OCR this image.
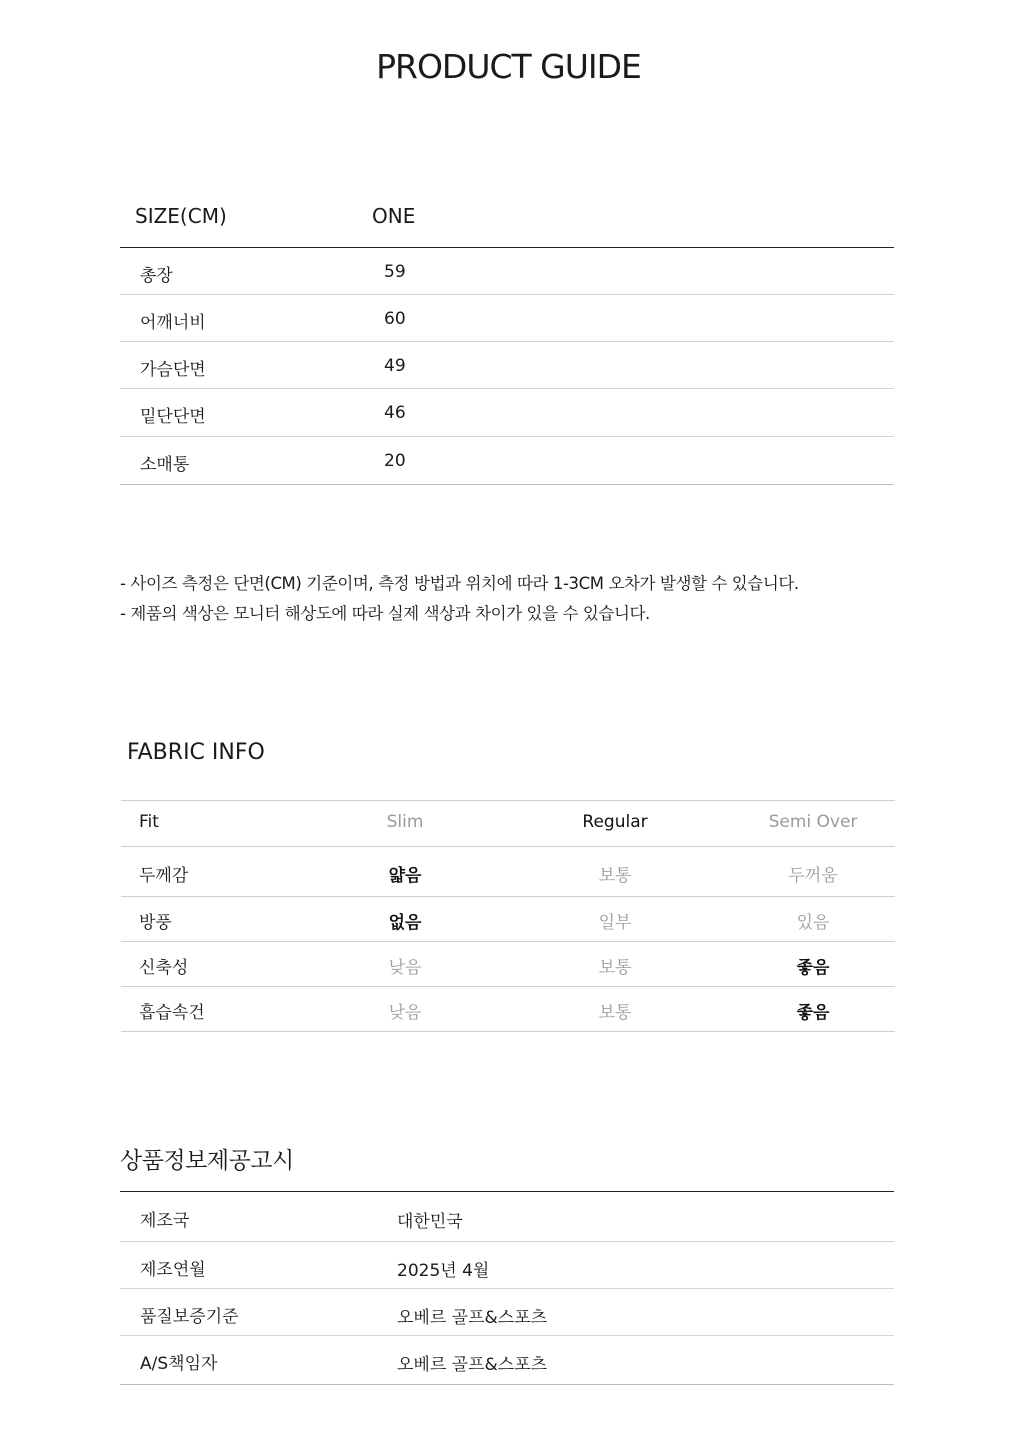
PRODUCT GUIDE
SIZE(CM)	ONE
총장	59
어깨너비	60
가슴단면	49
밑단단면	46
소매통	20
- 사이즈 측정은 단면(CM) 기준이며, 측정 방법과 위치에 따라 1-3CM 오차가 발생할 수 있습니다.
- 제품의 색상은 모니터 해상도에 따라 실제 색상과 차이가 있을 수 있습니다.
FABRIC INFO
Fit	Slim	Regular	Semi Over
두께감	얇음	보통	두꺼움
방풍	없음	일부	있음
신축성	낮음	보통	좋음
흡습속건	낮음	보통	좋음
상품정보제공고시
제조국	대한민국
제조연월	2025년 4월
품질보증기준	오베르 골프&스포츠
A/S책임자	오베르 골프&스포츠
